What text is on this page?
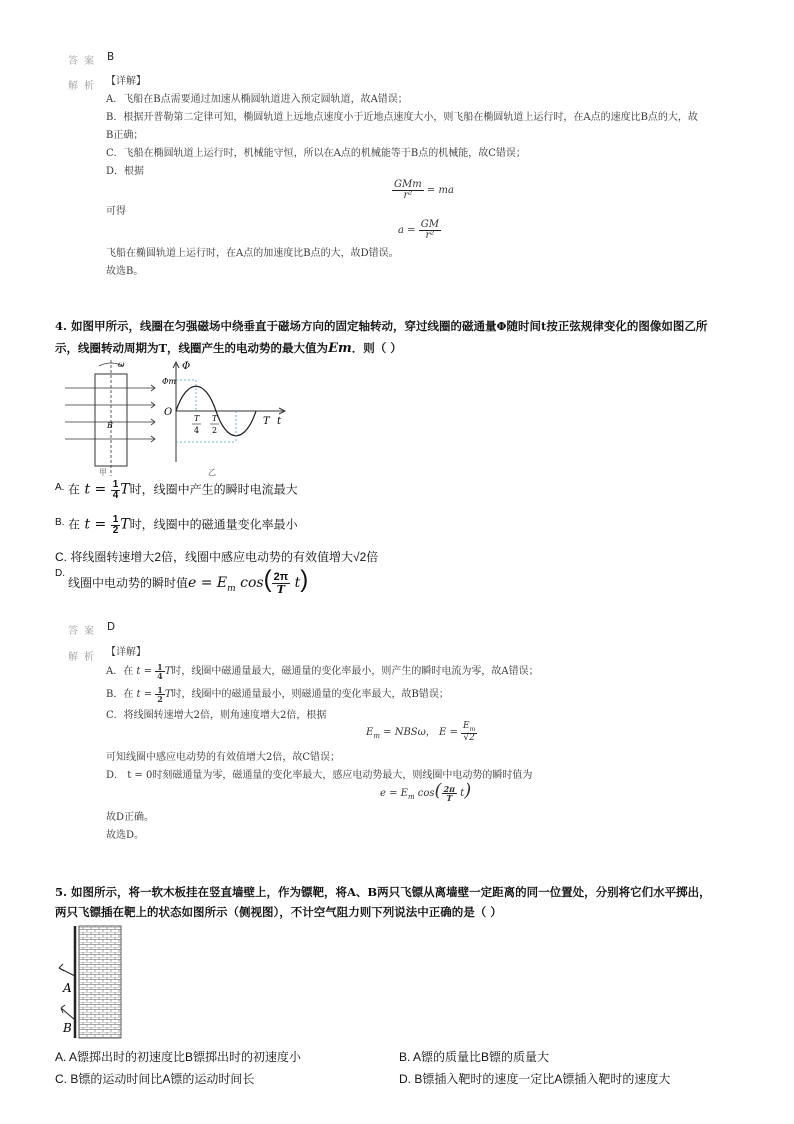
答案 B
解析 【详解】
A．飞船在B点需要通过加速从椭圆轨道进入预定圆轨道，故A错误；
B．根据开普勒第二定律可知，椭圆轨道上远地点速度小于近地点速度大小，则飞船在椭圆轨道上运行时，在A点的速度比B点的大，故
B正确；
C．飞船在椭圆轨道上运行时，机械能守恒，所以在A点的机械能等于B点的机械能，故C错误；
D．根据
$\frac{\text{GMm}}{\text{r²}}$ = ma
可得
$a = \frac{GM}{\text{r²}}$
飞船在椭圆轨道上运行时，在A点的加速度比B点的大，故D错误。
故选B。
4. 如图甲所示，线圈在匀强磁场中绕垂直于磁场方向的固定轴转动，穿过线圈的磁通量Φ随时间t按正弦规律变化的图像如图乙所
示，线圈转动周期为T，线圈产生的电动势的最大值为Em．则（ ）
ω
B
甲
Φ
Φm
O
T
4
T
2
T t
乙
A. 在 $t = \frac{1}{4}$ T时，线圈中产生的瞬时电流最大
B. 在 $t = \frac{1}{2}$ T时，线圈中的磁通量变化率最小
C. 将线圈转速增大2倍，线圈中感应电动势的有效值增大√2倍
D.
线圈中电动势的瞬时值$e = E_m$ $\cos( \frac{2\pi}{T} t)$
答案 D
解析 【详解】
A．在 $t = \frac{1}{4}$ T时，线圈中磁通量最大，磁通量的变化率最小，则产生的瞬时电流为零，故A错误；
B．在 $t = \frac{1}{2}$ T时，线圈中的磁通量最小，则磁通量的变化率最大，故B错误；
C．将线圈转速增大2倍，则角速度增大2倍，根据
$E_m = NBS\omega$， $E = \frac{E_m}{√2}$
可知线圈中感应电动势的有效值增大2倍，故C错误；
D． t = 0时刻磁通量为零，磁通量的变化率最大，感应电动势最大，则线圈中电动势的瞬时值为
$e = E_m$ $\cos( \frac{2\pi}{T} t)$
故D正确。
故选D。
5. 如图所示，将一软木板挂在竖直墙壁上，作为镖靶，将A、B两只飞镖从离墙壁一定距离的同一位置处，分别将它们水平掷出，
两只飞镖插在靶上的状态如图所示（侧视图），不计空气阻力则下列说法中正确的是（ ）
A
B
A. A镖掷出时的初速度比B镖掷出时的初速度小	B. A镖的质量比B镖的质量大
C. B镖的运动时间比A镖的运动时间长	D. B镖插入靶时的速度一定比A镖插入靶时的速度大
